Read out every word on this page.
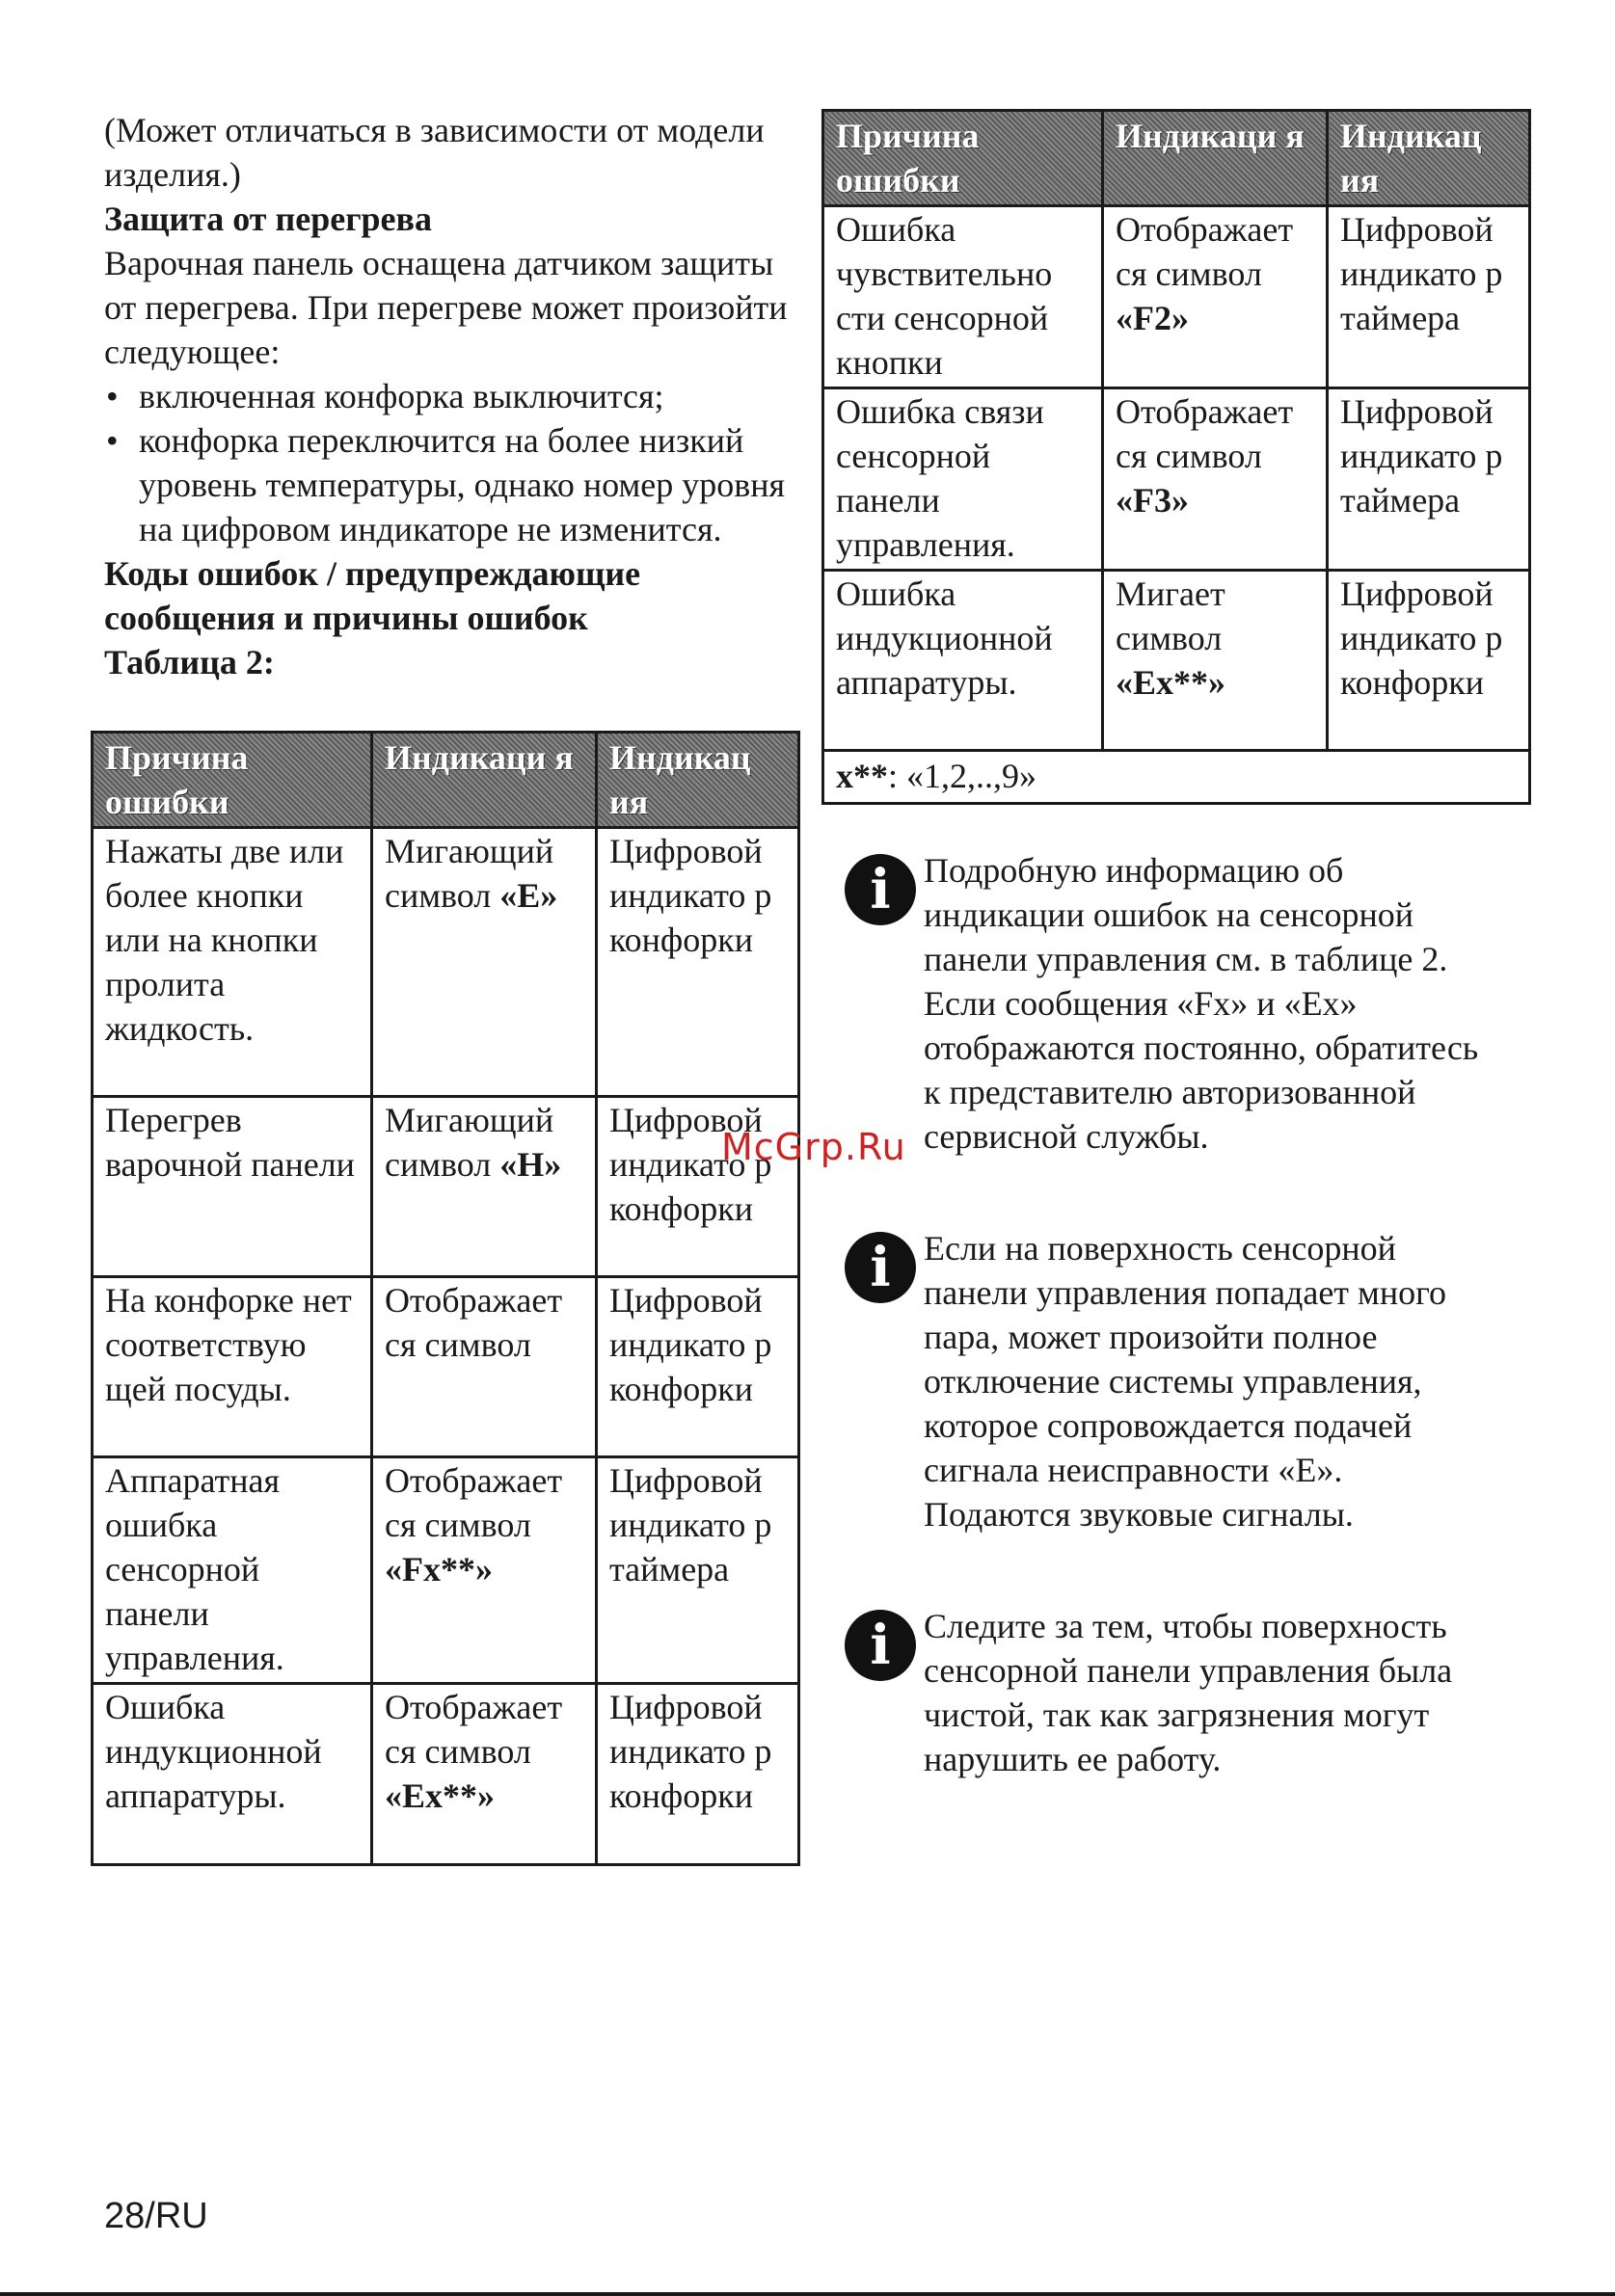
(Может отличаться в зависимости от модели изделия.)

Защита от перегрева

Варочная панель оснащена датчиком защиты от перегрева. При перегреве может произойти следующее:

• включенная конфорка выключится;
• конфорка переключится на более низкий уровень температуры, однако номер уровня на цифровом индикаторе не изменится.

Коды ошибок / предупреждающие сообщения и причины ошибок

Таблица 2:

Причина ошибки	Индикаци я	Индикац ия
Нажаты две или более кнопки или на кнопки пролита жидкость.	Мигающий символ «E»	Цифровой индикато р конфорки
Перегрев варочной панели	Мигающий символ «H»	Цифровой индикато р конфорки
На конфорке нет соответствую щей посуды.	Отображает ся символ	Цифровой индикато р конфорки
Аппаратная ошибка сенсорной панели управления.	Отображает ся символ «Fx**»	Цифровой индикато р таймера
Ошибка индукционной аппаратуры.	Отображает ся символ «Ex**»	Цифровой индикато р конфорки
Причина ошибки	Индикаци я	Индикац ия
Ошибка чувствительно сти сенсорной кнопки	Отображает ся символ «F2»	Цифровой индикато р таймера
Ошибка связи сенсорной панели управления.	Отображает ся символ «F3»	Цифровой индикато р таймера
Ошибка индукционной аппаратуры.	Мигает символ «Ex**»	Цифровой индикато р конфорки
x**: «1,2,..,9»		
i Подробную информацию об индикации ошибок на сенсорной панели управления см. в таблице 2. Если сообщения «Fx» и «Ex» отображаются постоянно, обратитесь к представителю авторизованной сервисной службы.
i Если на поверхность сенсорной панели управления попадает много пара, может произойти полное отключение системы управления, которое сопровождается подачей сигнала неисправности «E». Подаются звуковые сигналы.
i Следите за тем, чтобы поверхность сенсорной панели управления была чистой, так как загрязнения могут нарушить ее работу.
McGrp.Ru
28/RU
